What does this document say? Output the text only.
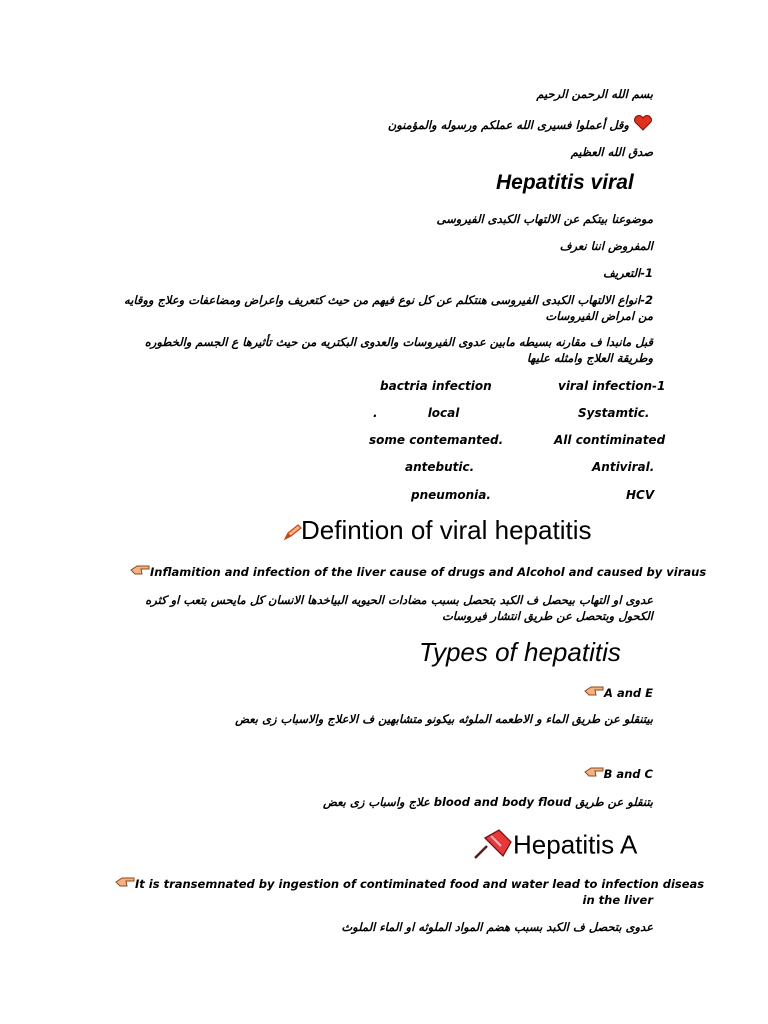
بسم الله الرحمن الرحيم
وقل أعملوا فسيرى الله عملكم ورسوله والمؤمنون
صدق الله العظيم
Hepatitis viral
موضوعنا بيتكم عن الالتهاب الكبدى الفيروسى
المفروض اننا نعرف
1-التعريف
2-انواع الالتهاب الكبدى الفيروسى هنتكلم عن كل نوع فيهم من حيث كتعريف واعراض ومضاعفات وعلاج ووقايه من امراض الفيروسات
قبل مانبدا ف مقارنه بسيطه مابين عدوى الفيروسات والعدوى البكتريه من حيث تأثيرها ع الجسم والخطوره وطريقة العلاج وامثله عليها
bactria infection	viral infection-1
.            local	Systamtic.
some contemanted.	All contiminated
antebutic.	Antiviral.
pneumonia.	HCV
Defintion of viral hepatitis
Inflamition and infection of the liver cause of drugs and Alcohol and caused by viraus
عدوى او التهاب بيحصل ف الكبد بتحصل بسبب مضادات الحيويه البياخدها الانسان كل مايحس بتعب او كثره الكحول وبتحصل عن طريق انتشار فيروسات
Types of hepatitis
A and E
بيتنقلو عن طريق الماء و الاطعمه الملوثه بيكونو متشابهين ف الاعلاج والاسباب زى بعض
B and C
بتنقلو عن طريق blood and body floud علاج واسباب زى بعض
Hepatitis A
It is transemnated by ingestion of contiminated food and water lead to infection diseas
in the liver
عدوى بتحصل ف الكبد بسبب هضم المواد الملوثه او الماء الملوث
